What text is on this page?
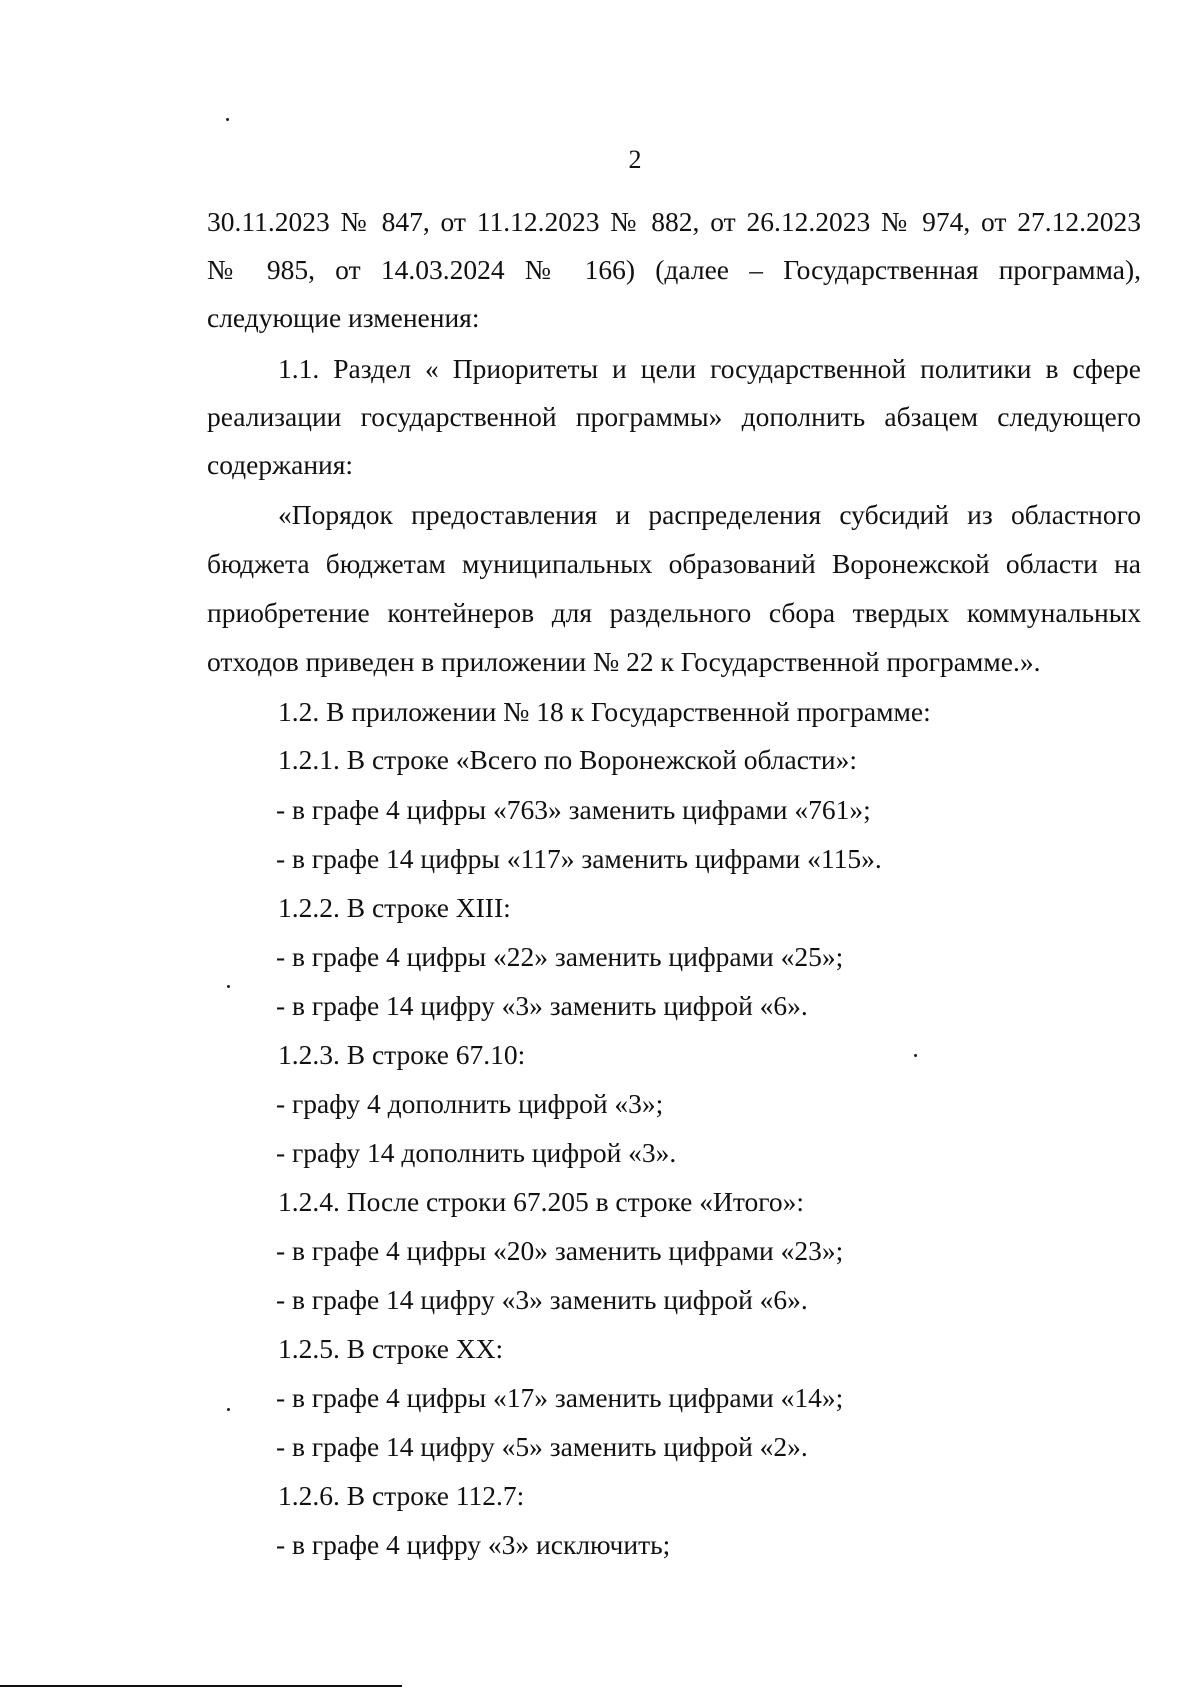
2
30.11.2023 № 847, от 11.12.2023 № 882, от 26.12.2023 № 974, от 27.12.2023
№ 985, от 14.03.2024 № 166) (далее – Государственная программа),
следующие изменения:
1.1. Раздел « Приоритеты и цели государственной политики в сфере
реализации государственной программы» дополнить абзацем следующего
содержания:
«Порядок предоставления и распределения субсидий из областного
бюджета бюджетам муниципальных образований Воронежской области на
приобретение контейнеров для раздельного сбора твердых коммунальных
отходов приведен в приложении № 22 к Государственной программе.».
1.2. В приложении № 18 к Государственной программе:
1.2.1. В строке «Всего по Воронежской области»:
- в графе 4 цифры «763» заменить цифрами «761»;
- в графе 14 цифры «117» заменить цифрами «115».
1.2.2. В строке XIII:
- в графе 4 цифры «22» заменить цифрами «25»;
- в графе 14 цифру «3» заменить цифрой «6».
1.2.3. В строке 67.10:
- графу 4 дополнить цифрой «3»;
- графу 14 дополнить цифрой «3».
1.2.4. После строки 67.205 в строке «Итого»:
- в графе 4 цифры «20» заменить цифрами «23»;
- в графе 14 цифру «3» заменить цифрой «6».
1.2.5. В строке XX:
- в графе 4 цифры «17» заменить цифрами «14»;
- в графе 14 цифру «5» заменить цифрой «2».
1.2.6. В строке 112.7:
- в графе 4 цифру «3» исключить;
